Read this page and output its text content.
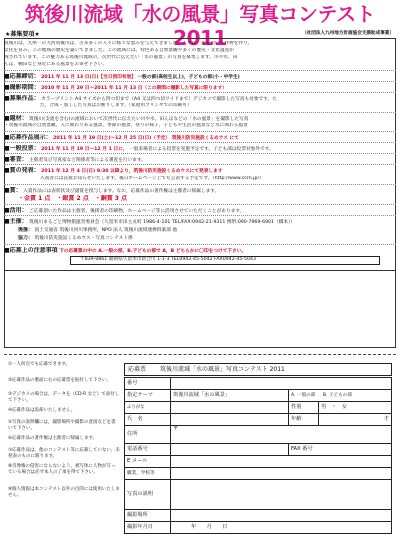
筑後川流域「水の風景」写真コンテスト2011
★募集要項★	（社団法人九州地方計画協会支援助成事業）
筑後川は，九州一の大河筑後川は，古来多くの人々に様々な恵みを与えてきました。人々は，水を用いて作物を作り，
文化を育み，この地域の歴史を築いてきました。この流域には，特色ある自然景観や多くの歴史・文化遺産が
残されています。この魅力ある筑後川流域の，次世代に伝えたい「水の風景」の写真を募集します。川や水，田
んぼ，棚田など身近にある風景をお寄せ下さい。
■応募締切： 2011 年 11 月 13 日(日)【当日消印有効】 一般の部(高校生以上)，子どもの部(小・中学生)
■撮影期間： 2010 年 11 月 29 日～2011 年 11 月 13 日（この期間に撮影した写真に限ります）
■募集作品： カラープリント A4 サイズから四つ切まで（A4 又は四つ切ワイドまで）デジカメで撮影した写真も対象です。た
だ，合成・加工した写真はお断りします。（家庭用プリンタでの印刷可）
■題材： 筑後川(支流を含む)の流域において次世代に伝えたい川や水，田んぼなどの「水の風景」を撮影した写真
・筑後川流域の自然景観，人に関わりある風景，季節の風景，祭りの様子，子どもや生活の風景など水に関わる風景
■応募作品展示： 2011 年 11 月 19 日(土)～12 月 25 日(日)（予定） 筑後川防災施設くるめウス にて
■一般投票： 2011 年 11 月 19 日～12 月 1 日に， 一般来場者による投票を実施予定です。子ども部は投票対象外です。
■審査： 主催者及び写真家など関係者等による審査を行います。
■賞の発表： 2011 年 12 月 4 日(日) 9:30 以降より，筑後川防災施設くるめウスにて発表します
入賞者には直接お知らせいたします。後日ホームページ上でも公表する予定です。（http://www.ccrn.jp/）
■賞： 入賞作品には表彰状及び副賞を授与します。なお，応募作品の著作権は主催者に帰属します。
・金賞 1 点　・銀賞 2 点　・銅賞 3 点
■活用： ご応募頂いた作品は主催者，後援者の印刷物，ホームページ等に活用させていただくことがあります。
■主催： 筑後川まるごと博物館運営委員会（久留米市田主丸町 1986-4-101 TEL/FAX:0942-21-9311 携帯:090-7969-6901（橋本））
後援： 国土交通省 筑後川河川事務所，NPO 法人 筑後川流域連携俱楽部 他
協力： 筑後川防災施設くるめウス・写真コンテスト係
■応募上の注意事項 下の応募票の中の A.一般の部，B.子どもの部で A，B どちらかに〇印をつけて下さい。
〒839-0861 福岡県久留米市新合川 1-1-3 TEL0942-45-5042 FAX0942-45-5043
①一人何点でも応募できます。
②応募作品の裏面に右の応募票を貼付して下さい。
③デジカメの場合は，データを（CD-R など）で添付して下さい。
④応募作品は返却いたしません。
⑤写真の説明欄には，撮影場所や撮影の意図などを書いて下さい。
⑥応募作品の著作権は主催者に帰属します。
⑦応募作品は，他のコンテスト等に応募していない，未発表のものに限ります。
⑧肖像権の侵害にならないよう，被写体に人物が写っている場合は必ず本人の了承を得て下さい。
⑨個人情報は本コンテスト以外の目的には使用いたしません。
応募票 筑後川流域「水の風景」写真コンテスト 2011
番号			
指定テーマ	筑後川流域「水の風景」	A. 一般の部 B. 子どもの部	
ふりがな		性別	男　・　女
氏　名		年齢	才
住所	〒		
電話番号		FAX 番号	
E メール			
職業，学校等			
写真の説明			
撮影場所			
撮影年月日	年　　月　　日		
